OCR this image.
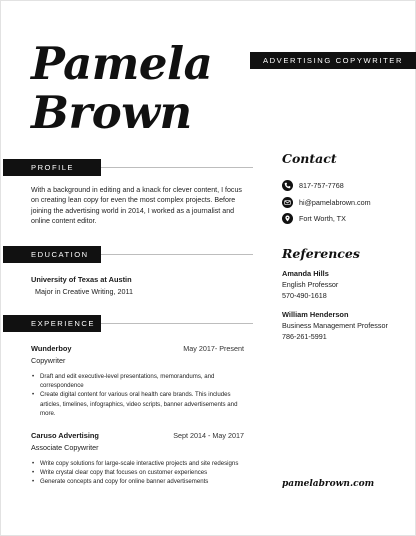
Pamela
Brown
ADVERTISING COPYWRITER
PROFILE
With a background in editing and a knack for clever content, I focus on creating lean copy for even the most complex projects. Before joining the advertising world in 2014, I worked as a journalist and online content editor.
EDUCATION
University of Texas at Austin
Major in Creative Writing, 2011
EXPERIENCE
Wunderboy	May 2017- Present
Copywriter
• Draft and edit executive-level presentations, memorandums, and correspondence
• Create digital content for various oral health care brands. This includes articles, timelines, infographics, video scripts, banner advertisements and more.
Caruso Advertising	Sept 2014 - May 2017
Associate Copywriter
• Write copy solutions for large-scale interactive projects and site redesigns
• Write crystal clear copy that focuses on customer experiences
• Generate concepts and copy for online banner advertisements
Contact
817-757-7768
hi@pamelabrown.com
Fort Worth, TX
References
Amanda Hills
English Professor
570-490-1618
William Henderson
Business Management Professor
786-261-5991
pamelabrown.com
